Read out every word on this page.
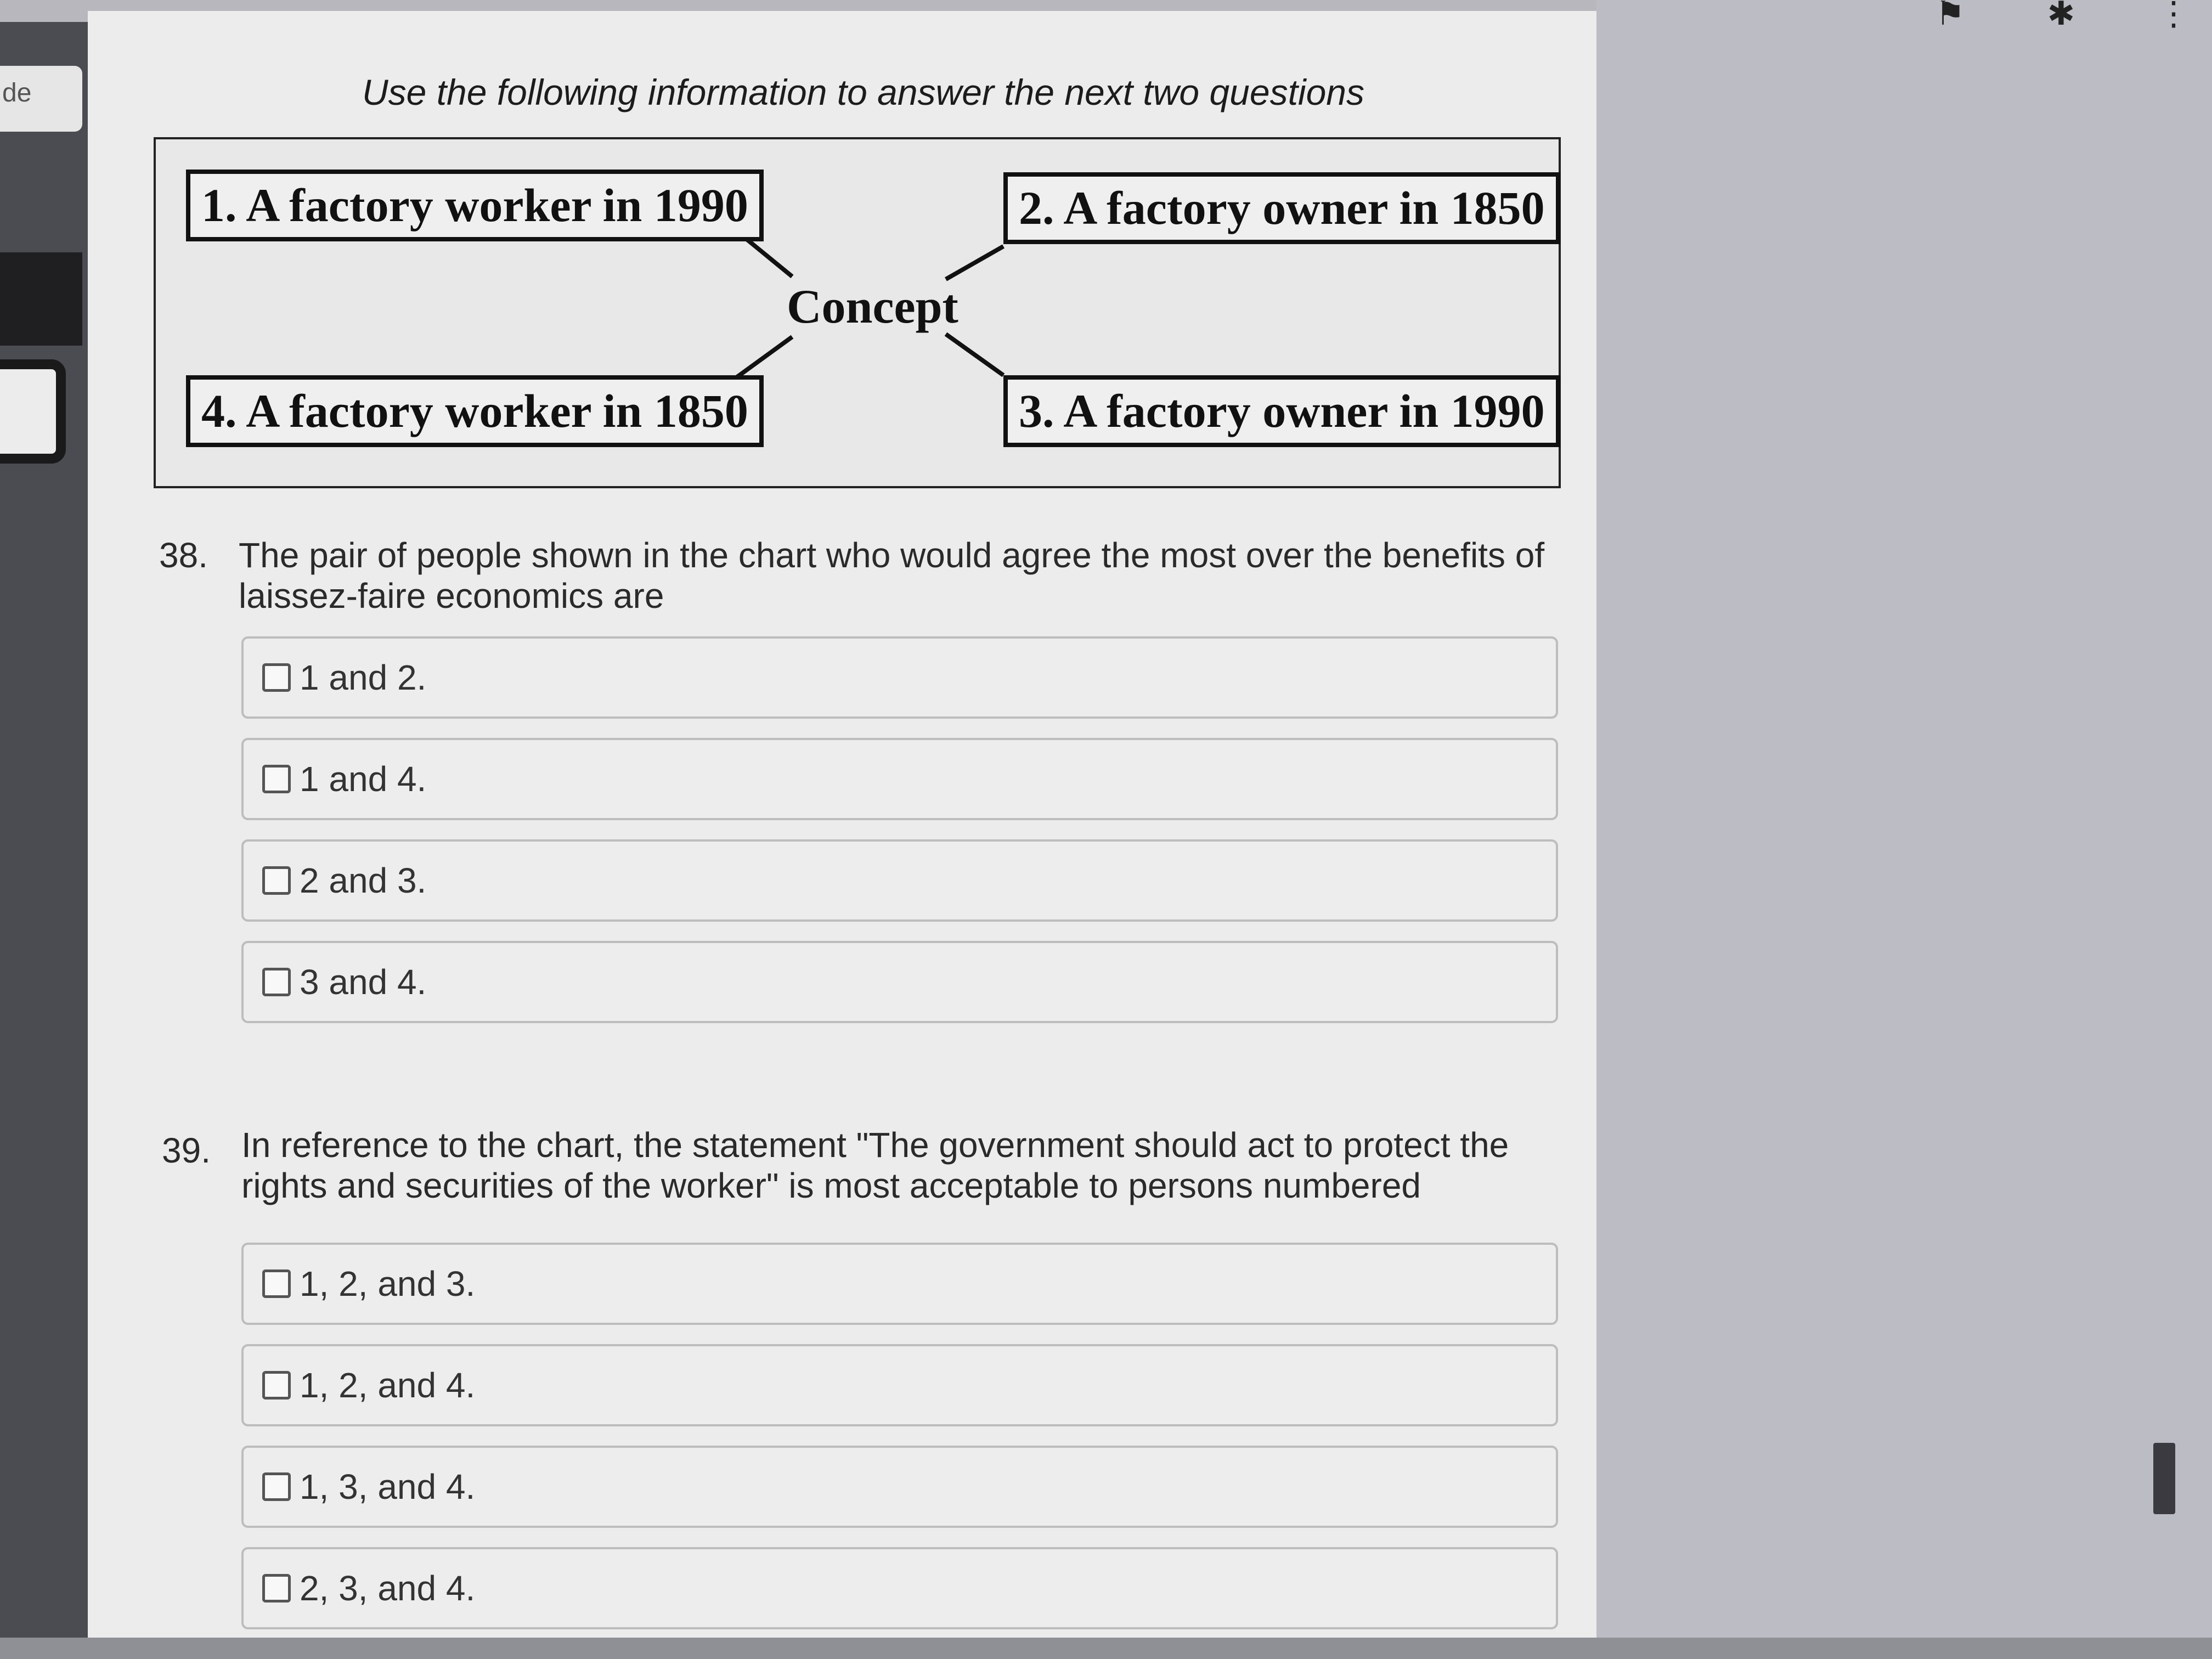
⚑	✱	⋮
de	Use the following information to answer the next two questions
1. A factory worker in 1990	2. A factory owner in 1850
3. A factory owner in 1990
4. A factory worker in 1850
Concept
38. The pair of people shown in the chart who would agree the most over the benefits of laissez-faire economics are
1 and 2.
1 and 4.
2 and 3.
3 and 4.
39. In reference to the chart, the statement "The government should act to protect the rights and securities of the worker" is most acceptable to persons numbered
1, 2, and 3.
1, 2, and 4.
1, 3, and 4.
2, 3, and 4.
